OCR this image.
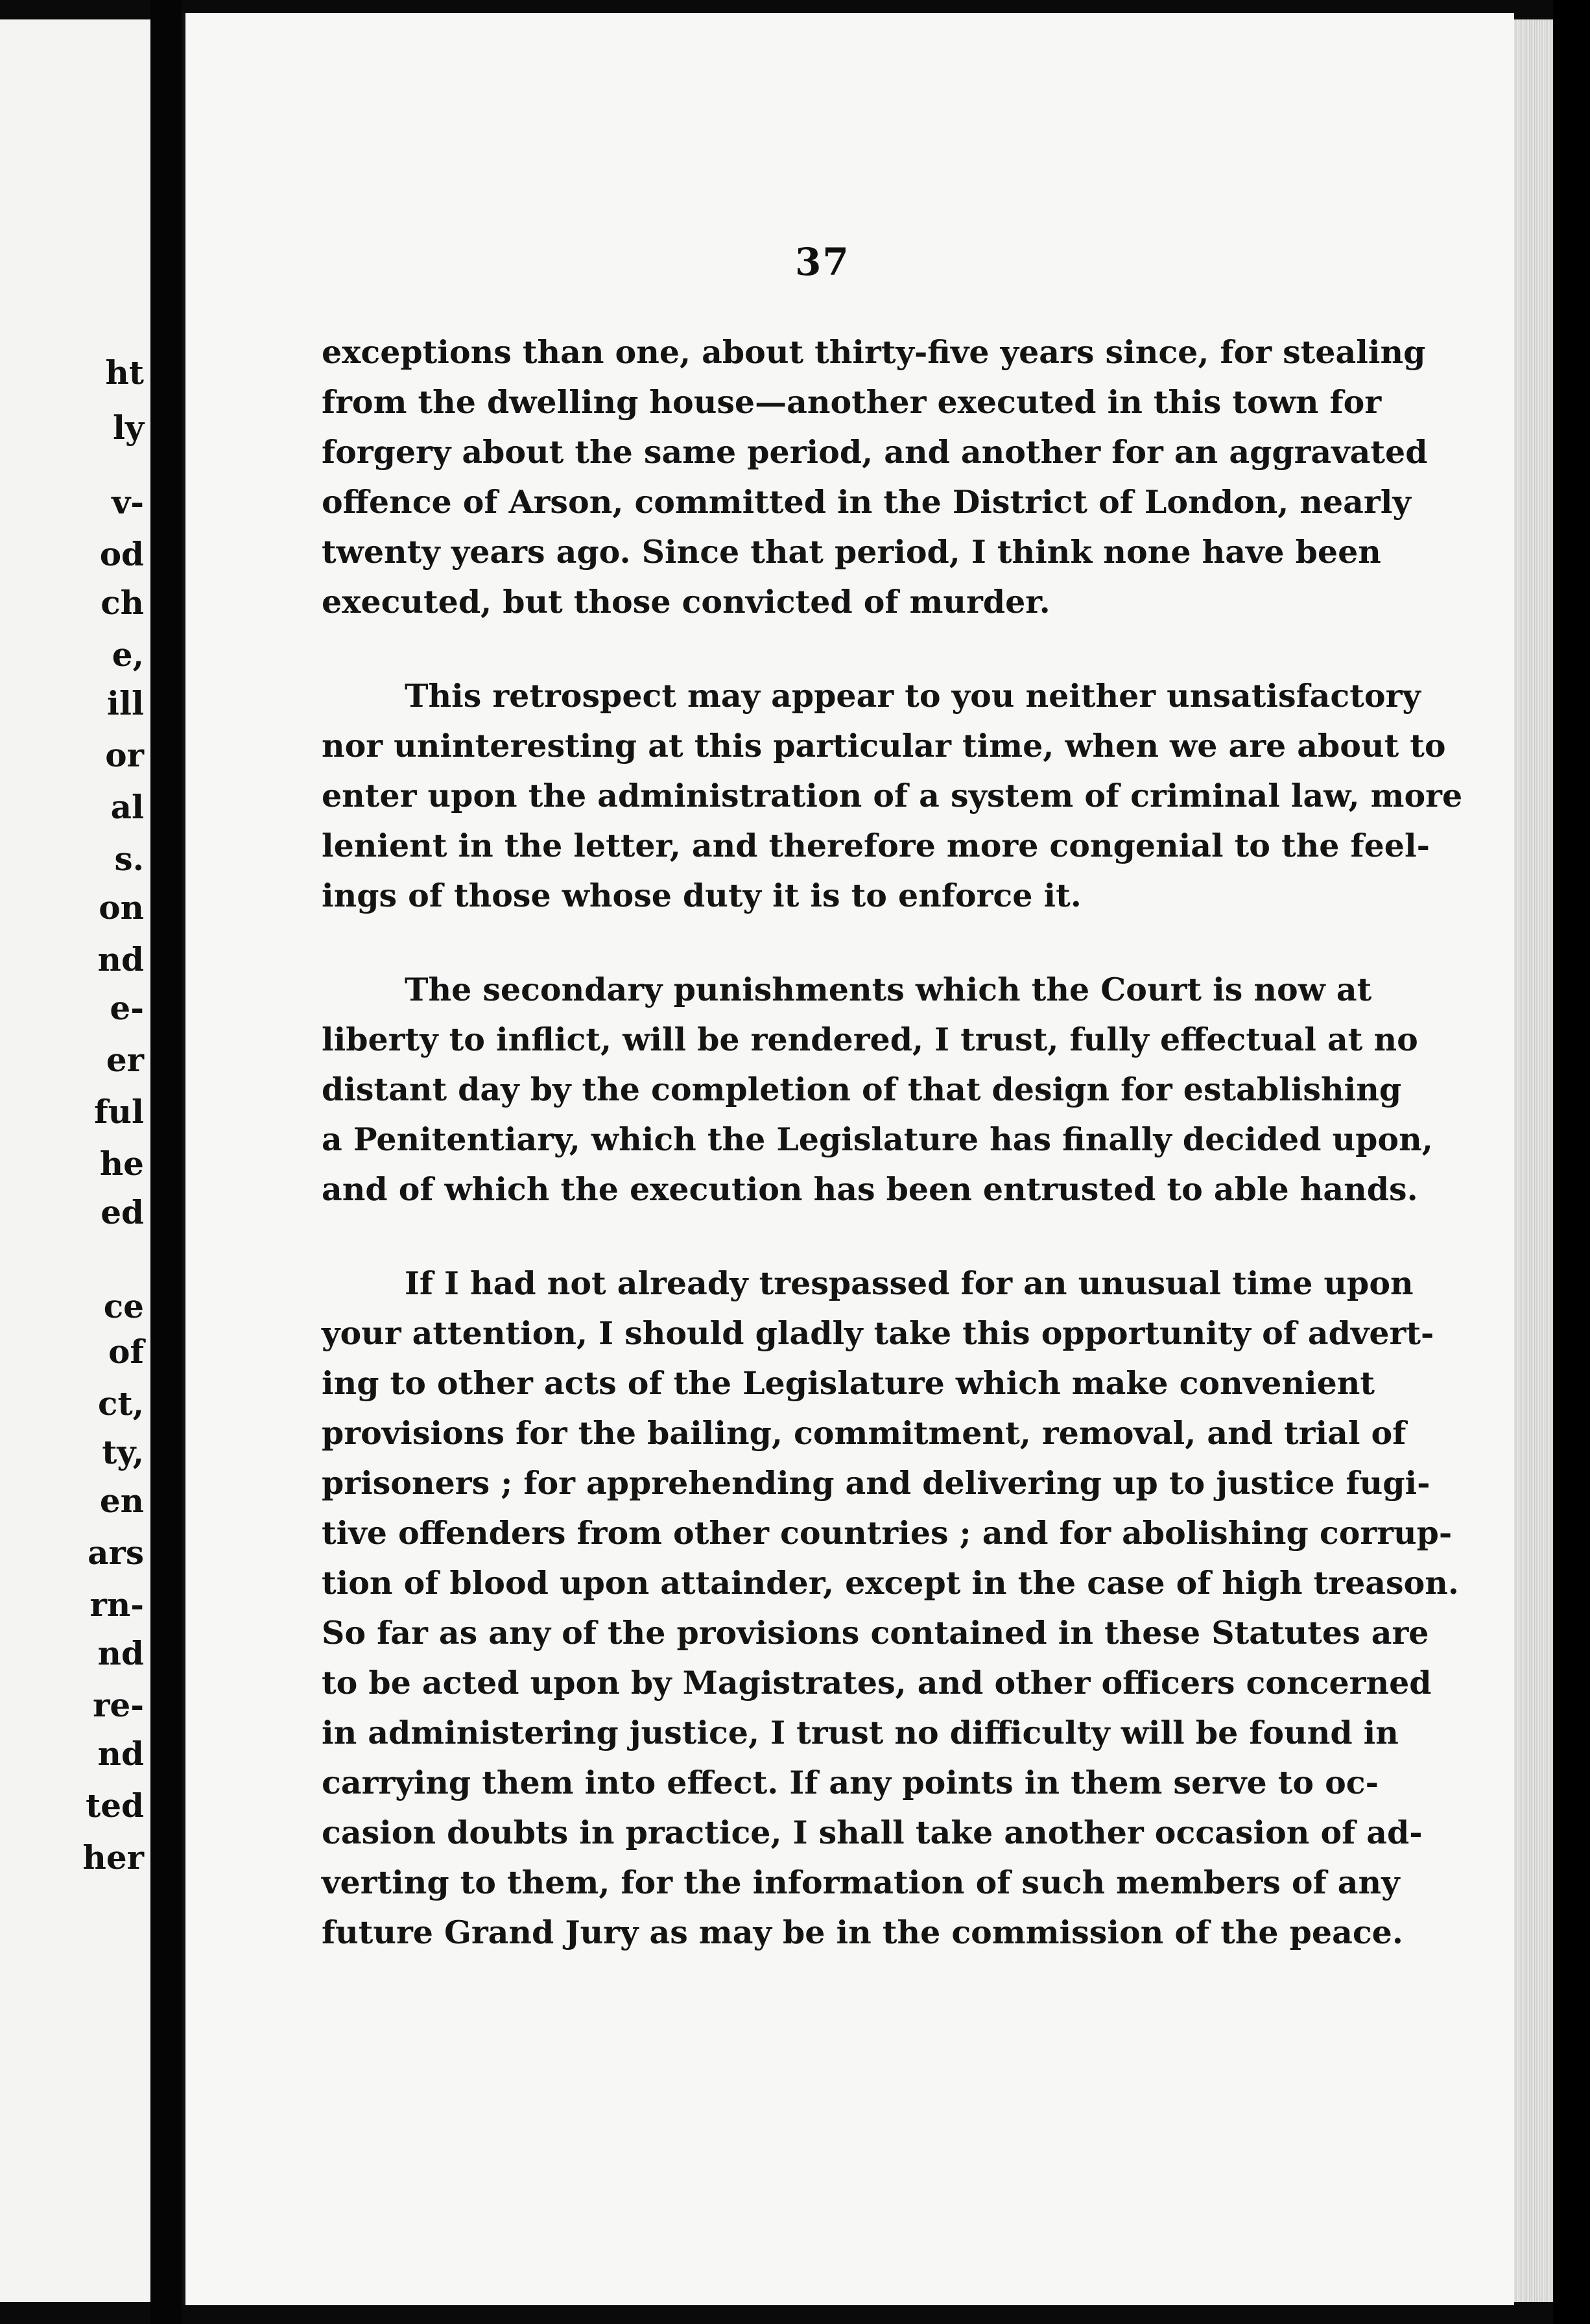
ht
ly
v-
od
ch
e,
ill
or
al
s.
on
nd
e-
er
ful
he
ed
ce
of
ct,
ty,
en
ars
rn-
nd
re-
nd
ted
her
37
exceptions than one, about thirty-five years since, for stealing
from the dwelling house—another executed in this town for
forgery about the same period, and another for an aggravated
offence of Arson, committed in the District of London, nearly
twenty years ago. Since that period, I think none have been
executed, but those convicted of murder.
This retrospect may appear to you neither unsatisfactory
nor uninteresting at this particular time, when we are about to
enter upon the administration of a system of criminal law, more
lenient in the letter, and therefore more congenial to the feel-
ings of those whose duty it is to enforce it.
The secondary punishments which the Court is now at
liberty to inflict, will be rendered, I trust, fully effectual at no
distant day by the completion of that design for establishing
a Penitentiary, which the Legislature has finally decided upon,
and of which the execution has been entrusted to able hands.
If I had not already trespassed for an unusual time upon
your attention, I should gladly take this opportunity of advert-
ing to other acts of the Legislature which make convenient
provisions for the bailing, commitment, removal, and trial of
prisoners ; for apprehending and delivering up to justice fugi-
tive offenders from other countries ; and for abolishing corrup-
tion of blood upon attainder, except in the case of high treason.
So far as any of the provisions contained in these Statutes are
to be acted upon by Magistrates, and other officers concerned
in administering justice, I trust no difficulty will be found in
carrying them into effect. If any points in them serve to oc-
casion doubts in practice, I shall take another occasion of ad-
verting to them, for the information of such members of any
future Grand Jury as may be in the commission of the peace.
